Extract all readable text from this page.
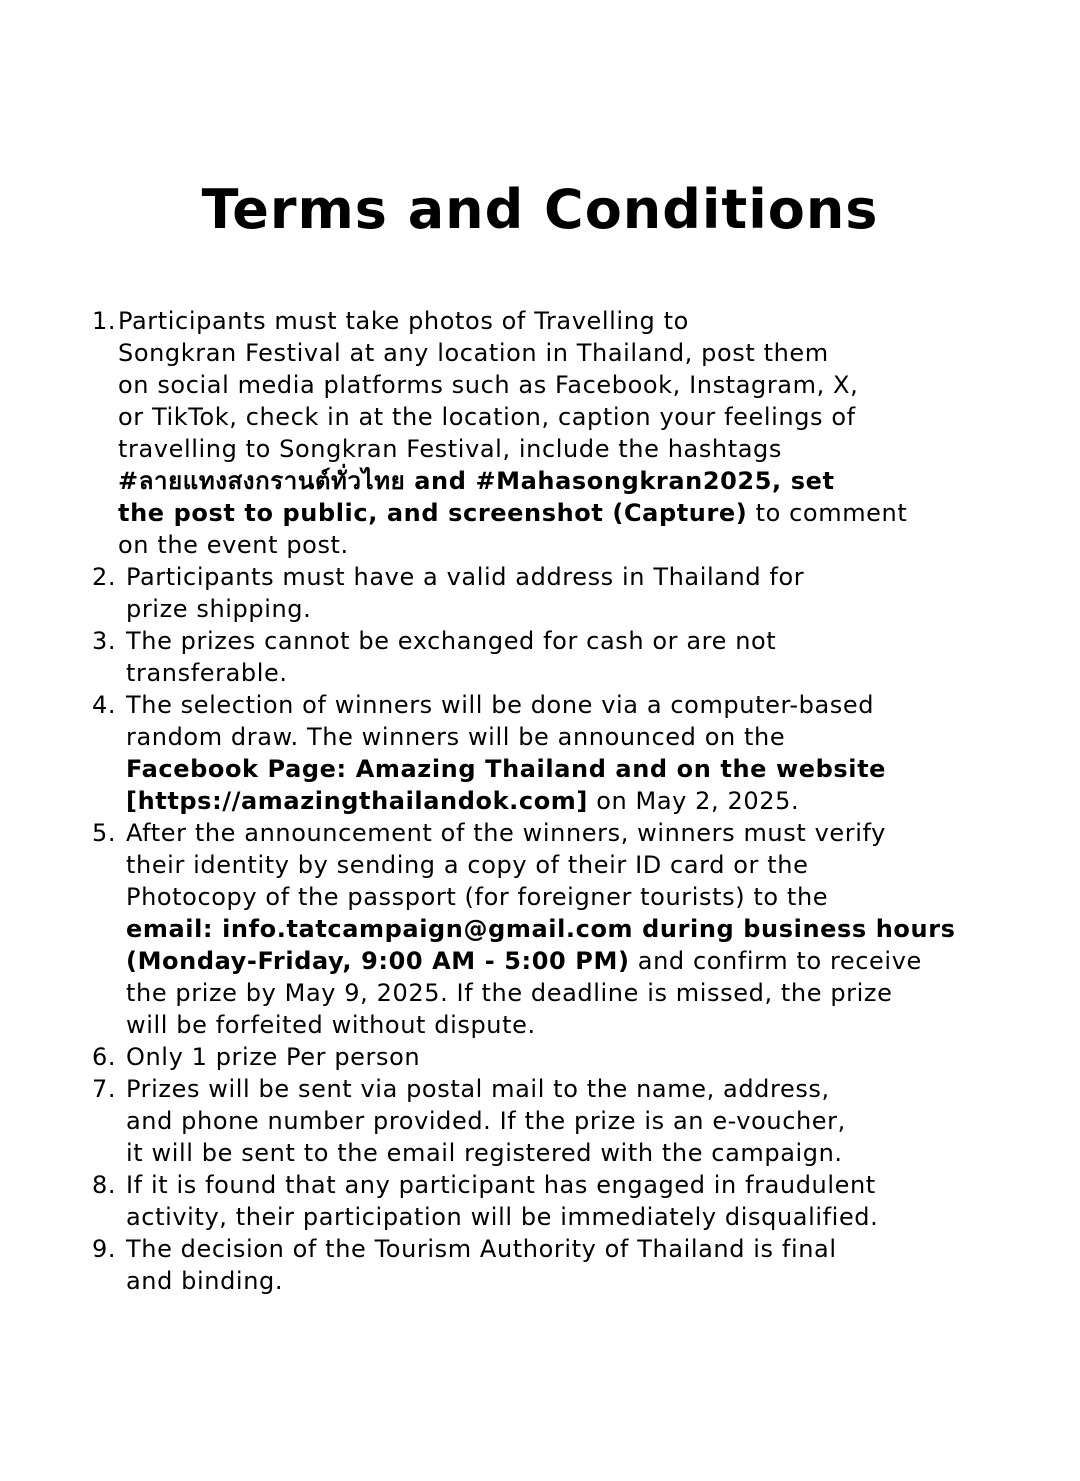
Terms and Conditions
1. Participants must take photos of Travelling to
Songkran Festival at any location in Thailand, post them
on social media platforms such as Facebook, Instagram, X,
or TikTok, check in at the location, caption your feelings of
travelling to Songkran Festival, include the hashtags
#ลายแทงสงกรานต์ทั่วไทย and #Mahasongkran2025, set
the post to public, and screenshot (Capture) to comment
on the event post.
2. Participants must have a valid address in Thailand for
prize shipping.
3. The prizes cannot be exchanged for cash or are not
transferable.
4. The selection of winners will be done via a computer-based
random draw. The winners will be announced on the
Facebook Page: Amazing Thailand and on the website
[https://amazingthailandok.com] on May 2, 2025.
5. After the announcement of the winners, winners must verify
their identity by sending a copy of their ID card or the
Photocopy of the passport (for foreigner tourists) to the
email: info.tatcampaign@gmail.com during business hours
(Monday-Friday, 9:00 AM - 5:00 PM) and confirm to receive
the prize by May 9, 2025. If the deadline is missed, the prize
will be forfeited without dispute.
6. Only 1 prize Per person
7. Prizes will be sent via postal mail to the name, address,
and phone number provided. If the prize is an e-voucher,
it will be sent to the email registered with the campaign.
8. If it is found that any participant has engaged in fraudulent
activity, their participation will be immediately disqualified.
9. The decision of the Tourism Authority of Thailand is final
and binding.
